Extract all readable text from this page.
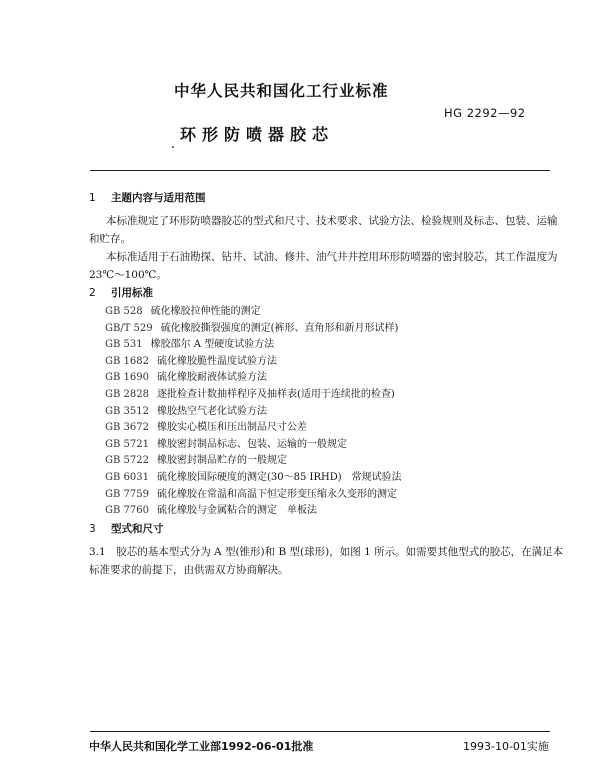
中华人民共和国化工行业标准
HG 2292—92
环形防喷器胶芯
1 主题内容与适用范围
本标准规定了环形防喷器胶芯的型式和尺寸、技术要求、试验方法、检验规则及标志、包装、运输和贮存。
本标准适用于石油勘探、钻井、试油、修井、油气井井控用环形防喷器的密封胶芯，其工作温度为 23℃～100℃。
2 引用标准
GB 528 硫化橡胶拉伸性能的测定
GB/T 529 硫化橡胶撕裂强度的测定(裤形、直角形和新月形试样)
GB 531 橡胶邵尔 A 型硬度试验方法
GB 1682 硫化橡胶脆性温度试验方法
GB 1690 硫化橡胶耐液体试验方法
GB 2828 逐批检查计数抽样程序及抽样表(适用于连续批的检查)
GB 3512 橡胶热空气老化试验方法
GB 3672 橡胶实心模压和压出制品尺寸公差
GB 5721 橡胶密封制品标志、包装、运输的一般规定
GB 5722 橡胶密封制品贮存的一般规定
GB 6031 硫化橡胶国际硬度的测定(30～85 IRHD)　常规试验法
GB 7759 硫化橡胶在常温和高温下恒定形变压缩永久变形的测定
GB 7760 硫化橡胶与金属粘合的测定　单板法
3 型式和尺寸
3.1　胶芯的基本型式分为 A 型(锥形)和 B 型(球形)，如图 1 所示。如需要其他型式的胶芯，在满足本标准要求的前提下，由供需双方协商解决。
中华人民共和国化学工业部1992-06-01批准	1993-10-01实施
